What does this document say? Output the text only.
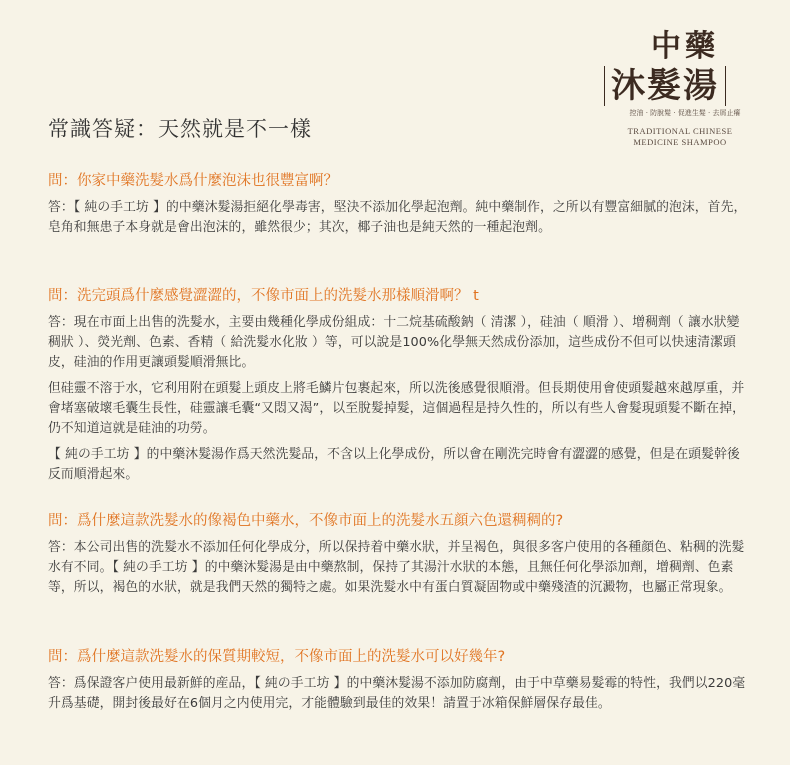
中藥
沐髮湯
控油 · 防脫髮 · 促進生髮 · 去屑止癢
TRADITIONAL CHINESE
MEDICINE SHAMPOO
常識答疑：天然就是不一樣
問：你家中藥洗髮水爲什麼泡沫也很豐富啊？

答：【 純の手工坊 】的中藥沐髮湯拒絕化學毒害，堅決不添加化學起泡劑。純中藥制作，之所以有豐富細膩的泡沫，首先，皂角和無患子本身就是會出泡沫的，雖然很少；其次，椰子油也是純天然的一種起泡劑。

問：洗完頭爲什麼感覺澀澀的，不像市面上的洗髮水那樣順滑啊？ t

答：現在市面上出售的洗髮水，主要由幾種化學成份組成：十二烷基硫酸鈉（ 清潔 ），硅油（ 順滑 ）、增稠劑（ 讓水狀變稠狀 ）、熒光劑、色素、香精（ 給洗髮水化妝 ）等，可以說是100%化學無天然成份添加，這些成份不但可以快速清潔頭皮，硅油的作用更讓頭髮順滑無比。

但硅靈不溶于水，它利用附在頭髮上頭皮上將毛鱗片包裹起來，所以洗後感覺很順滑。但長期使用會使頭髮越來越厚重，并會堵塞破壞毛囊生長性，硅靈讓毛囊“又悶又渴”，以至脫髮掉髮，這個過程是持久性的，所以有些人會髮現頭髮不斷在掉，仍不知道這就是硅油的功勞。

【 純の手工坊 】的中藥沐髮湯作爲天然洗髮品，不含以上化學成份，所以會在剛洗完時會有澀澀的感覺，但是在頭髮幹後反而順滑起來。

問：爲什麼這款洗髮水的像褐色中藥水，不像市面上的洗髮水五顔六色還稠稠的?

答：本公司出售的洗髮水不添加任何化學成分，所以保持着中藥水狀，并呈褐色，與很多客户使用的各種顔色、粘稠的洗髮水有不同。【 純の手工坊 】的中藥沐髮湯是由中藥熬制，保持了其湯汁水狀的本態，且無任何化學添加劑，增稠劑、色素等，所以，褐色的水狀，就是我們天然的獨特之處。如果洗髮水中有蛋白質凝固物或中藥殘渣的沉澱物，也屬正常現象。

問：爲什麼這款洗髮水的保質期較短，不像市面上的洗髮水可以好幾年?

答：爲保證客户使用最新鮮的産品，【 純の手工坊 】的中藥沐髮湯不添加防腐劑，由于中草藥易髮霉的特性，我們以220毫升爲基礎，開封後最好在6個月之内使用完，才能體驗到最佳的效果！請置于冰箱保鮮層保存最佳。
